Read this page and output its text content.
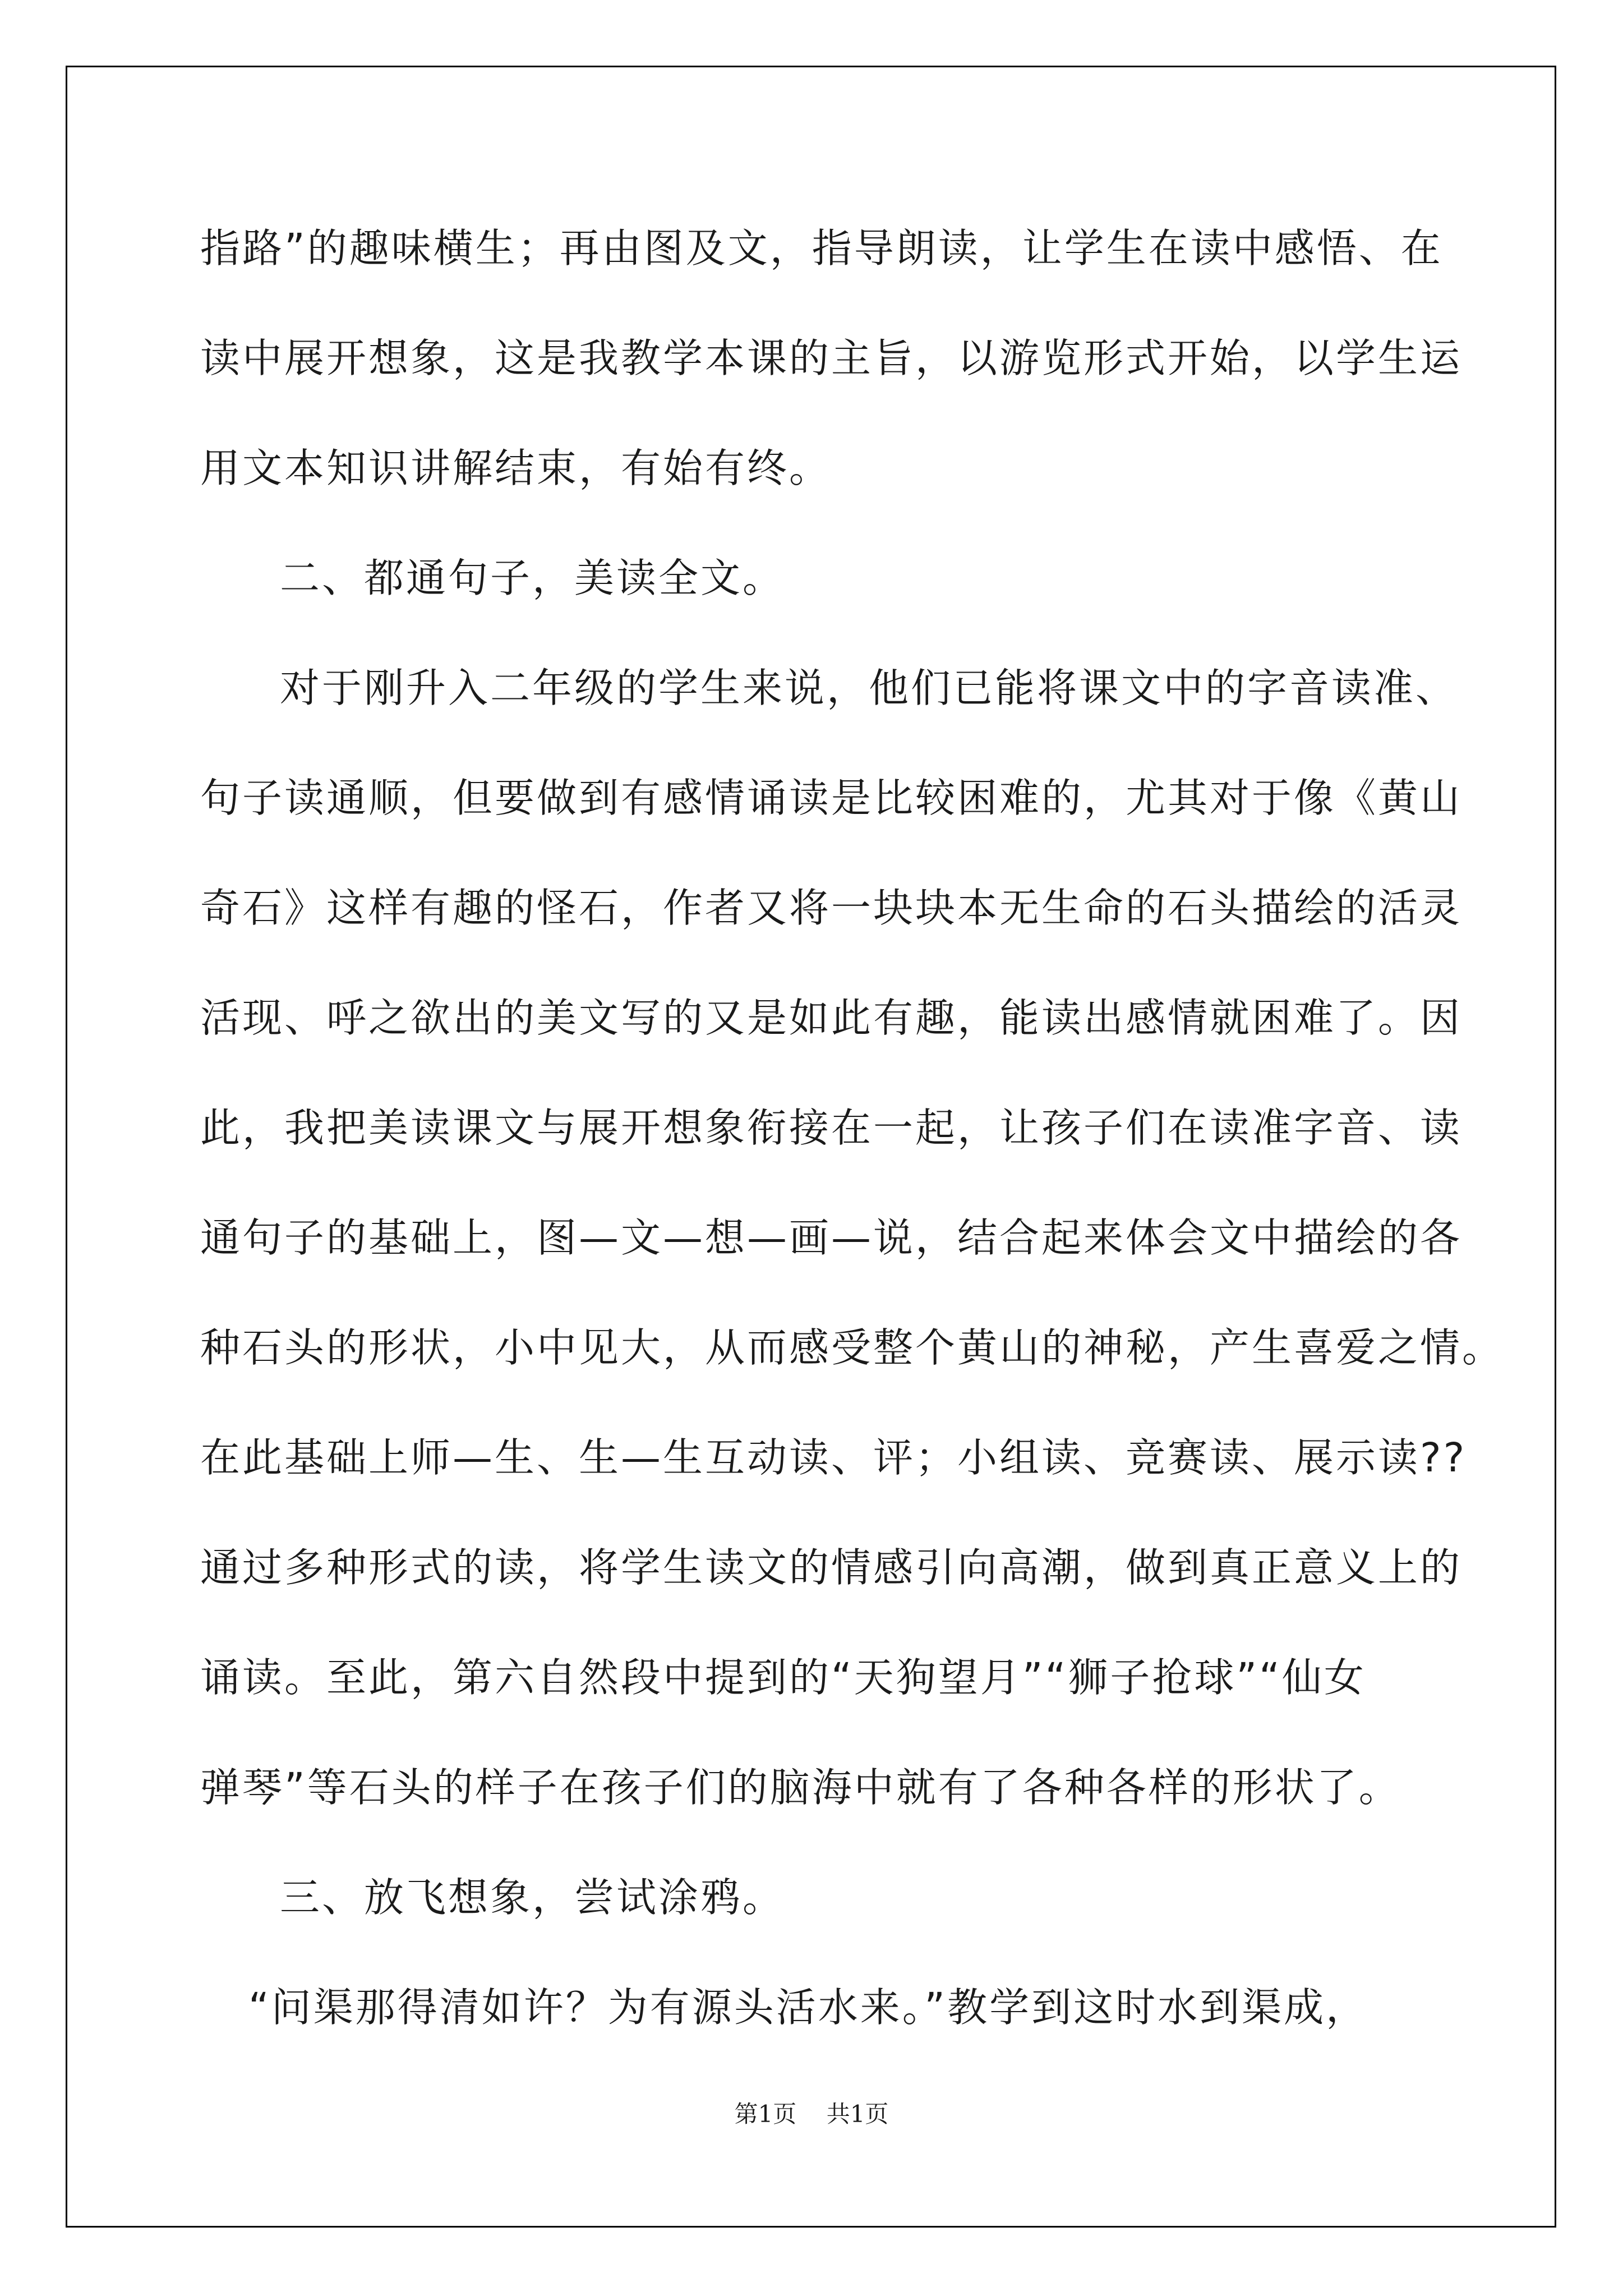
指路”的趣味横生；再由图及文，指导朗读，让学生在读中感悟、在
读中展开想象，这是我教学本课的主旨，以游览形式开始，以学生运
用文本知识讲解结束，有始有终。
二、都通句子，美读全文。
对于刚升入二年级的学生来说，他们已能将课文中的字音读准、
句子读通顺，但要做到有感情诵读是比较困难的，尤其对于像《黄山
奇石》这样有趣的怪石，作者又将一块块本无生命的石头描绘的活灵
活现、呼之欲出的美文写的又是如此有趣，能读出感情就困难了。因
此，我把美读课文与展开想象衔接在一起，让孩子们在读准字音、读
通句子的基础上，图—文—想—画—说，结合起来体会文中描绘的各
种石头的形状，小中见大，从而感受整个黄山的神秘，产生喜爱之情。
在此基础上师—生、生—生互动读、评；小组读、竞赛读、展示读??
通过多种形式的读，将学生读文的情感引向高潮，做到真正意义上的
诵读。至此，第六自然段中提到的“天狗望月”“狮子抢球”“仙女
弹琴”等石头的样子在孩子们的脑海中就有了各种各样的形状了。
三、放飞想象，尝试涂鸦。
“问渠那得清如许？为有源头活水来。”教学到这时水到渠成，
第1页 共1页
